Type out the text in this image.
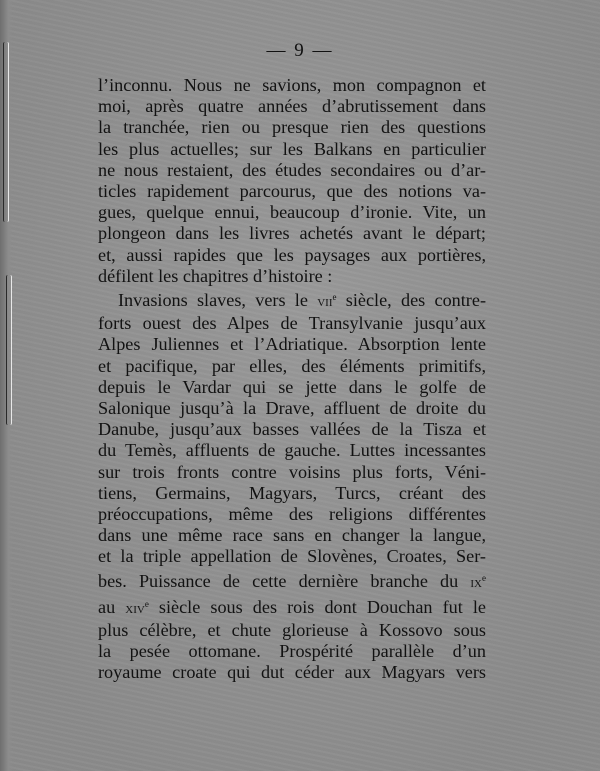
— 9 —
l’inconnu. Nous ne savions, mon compagnon et
moi, après quatre années d’abrutissement dans
la tranchée, rien ou presque rien des questions
les plus actuelles; sur les Balkans en particulier
ne nous restaient, des études secondaires ou d’ar-
ticles rapidement parcourus, que des notions va-
gues, quelque ennui, beaucoup d’ironie. Vite, un
plongeon dans les livres achetés avant le départ;
et, aussi rapides que les paysages aux portières,
défilent les chapitres d’histoire :
Invasions slaves, vers le vii$^e$ siècle, des contre-
forts ouest des Alpes de Transylvanie jusqu’aux
Alpes Juliennes et l’Adriatique. Absorption lente
et pacifique, par elles, des éléments primitifs,
depuis le Vardar qui se jette dans le golfe de
Salonique jusqu’à la Drave, affluent de droite du
Danube, jusqu’aux basses vallées de la Tisza et
du Temès, affluents de gauche. Luttes incessantes
sur trois fronts contre voisins plus forts, Véni-
tiens, Germains, Magyars, Turcs, créant des
préoccupations, même des religions différentes
dans une même race sans en changer la langue,
et la triple appellation de Slovènes, Croates, Ser-
bes. Puissance de cette dernière branche du $ix^e$
au xiv$^e$ siècle sous des rois dont Douchan fut le
plus célèbre, et chute glorieuse à Kossovo sous
la pesée ottomane. Prospérité parallèle d’un
royaume croate qui dut céder aux Magyars vers
